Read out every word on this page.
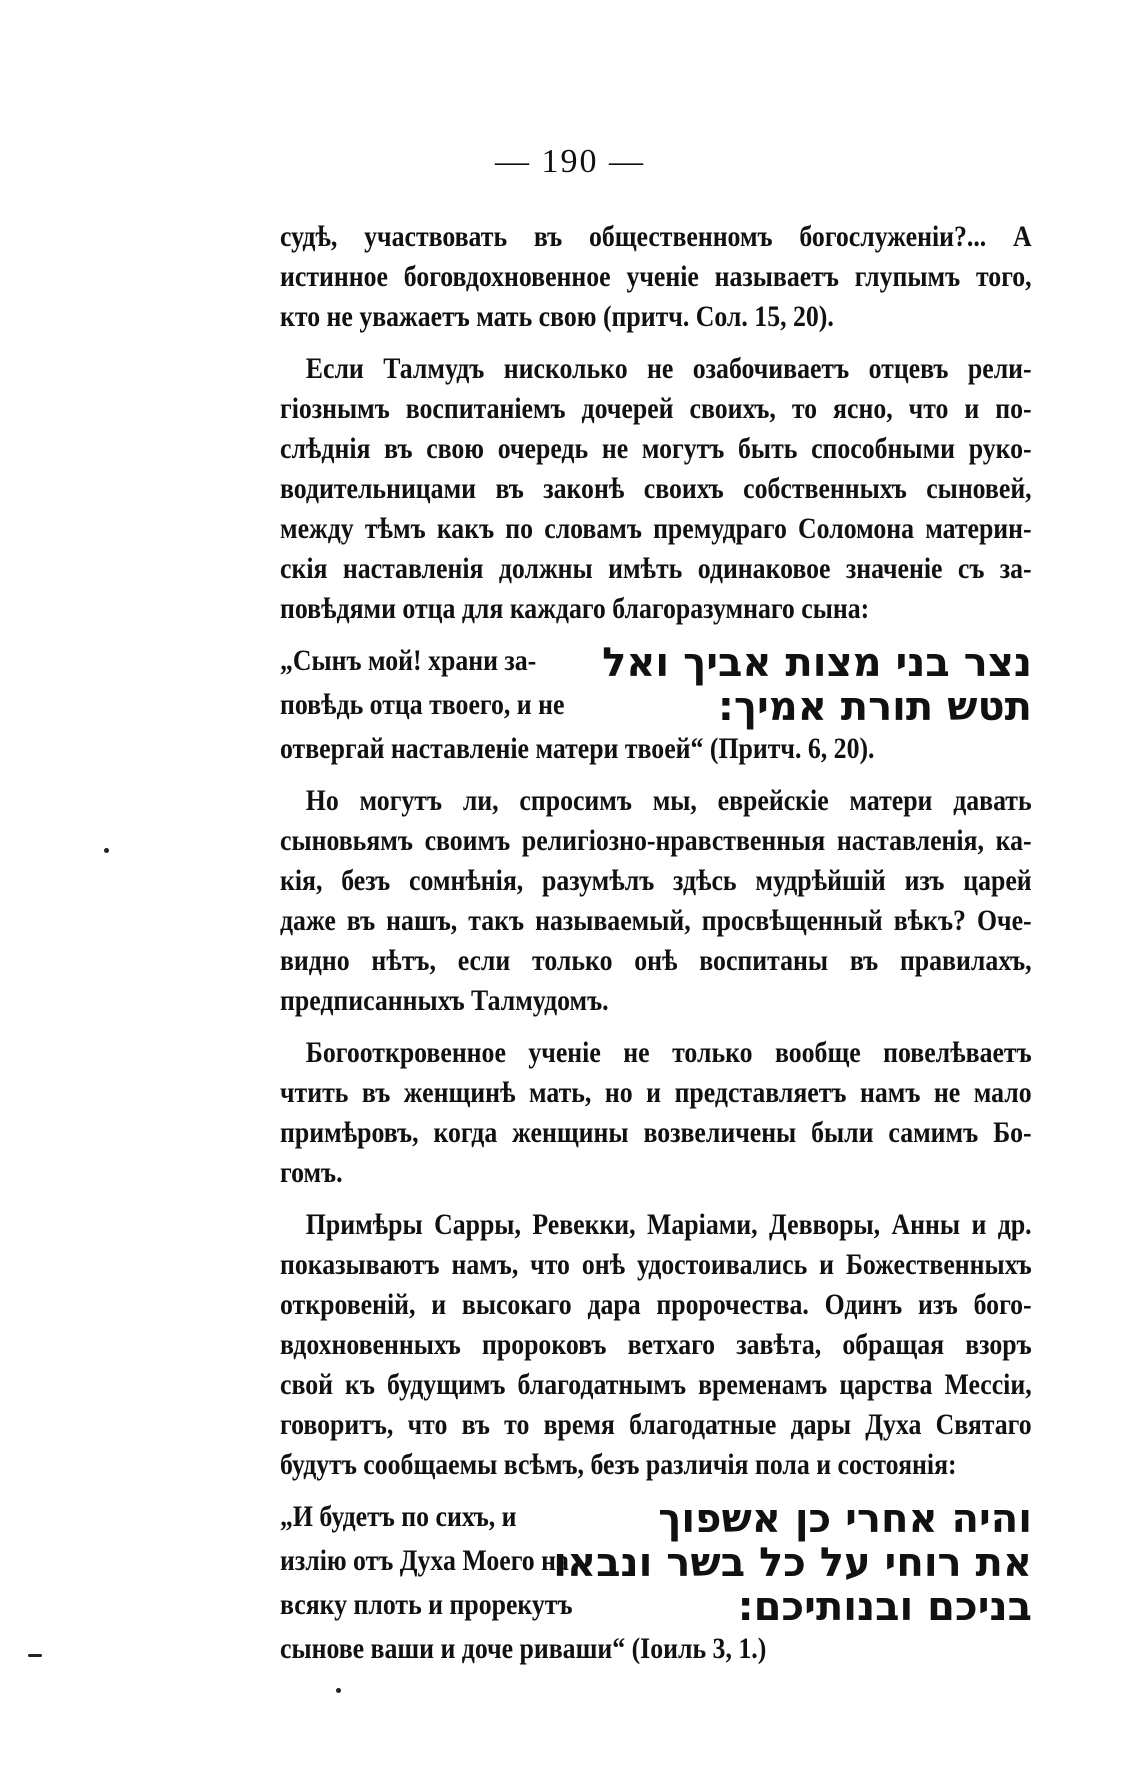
— 190 —
судѣ, участвовать въ общественномъ богослуженіи?... А
истинное боговдохновенное ученіе называетъ глупымъ того,
кто не уважаетъ мать свою (притч. Сол. 15, 20).
Если Талмудъ нисколько не озабочиваетъ отцевъ рели-
гіознымъ воспитаніемъ дочерей своихъ, то ясно, что и по-
слѣднія въ свою очередь не могутъ быть способными руко-
водительницами въ законѣ своихъ собственныхъ сыновей,
между тѣмъ какъ по словамъ премудраго Соломона материн-
скія наставленія должны имѣть одинаковое значеніе съ за-
повѣдями отца для каждаго благоразумнаго сына:
„Сынъ мой! храни за- נצר בני מצות אביך ואל
повѣдь отца твоего, и не	תטש תורת אמיך:
отвергай наставленіе матери твоей“ (Притч. 6, 20).
Но могутъ ли, спросимъ мы, еврейскіе матери давать
сыновьямъ своимъ религіозно-нравственныя наставленія, ка-
кія, безъ сомнѣнія, разумѣлъ здѣсь мудрѣйшій изъ царей
даже въ нашъ, такъ называемый, просвѣщенный вѣкъ? Оче-
видно нѣтъ, если только онѣ воспитаны въ правилахъ,
предписанныхъ Талмудомъ.
Богооткровенное ученіе не только вообще повелѣваетъ
чтить въ женщинѣ мать, но и представляетъ намъ не мало
примѣровъ, когда женщины возвеличены были самимъ Бо-
гомъ.
Примѣры Сарры, Ревекки, Маріами, Девворы, Анны и др.
показываютъ намъ, что онѣ удостоивались и Божественныхъ
откровеній, и высокаго дара пророчества. Одинъ изъ бого-
вдохновенныхъ пророковъ ветхаго завѣта, обращая взоръ
свой къ будущимъ благодатнымъ временамъ царства Мессіи,
говоритъ, что въ то время благодатные дары Духа Святаго
будутъ сообщаемы всѣмъ, безъ различія пола и состоянія:
„И будетъ по сихъ, и	והיה אחרי כן אשפוך
излію отъ Духа Моего на
את רוחי על כל בשר ונבאו
всяку плоть и прорекутъ	בניכם ובנותיכם:
сынове ваши и доче риваши“ (Іоиль 3, 1.)
